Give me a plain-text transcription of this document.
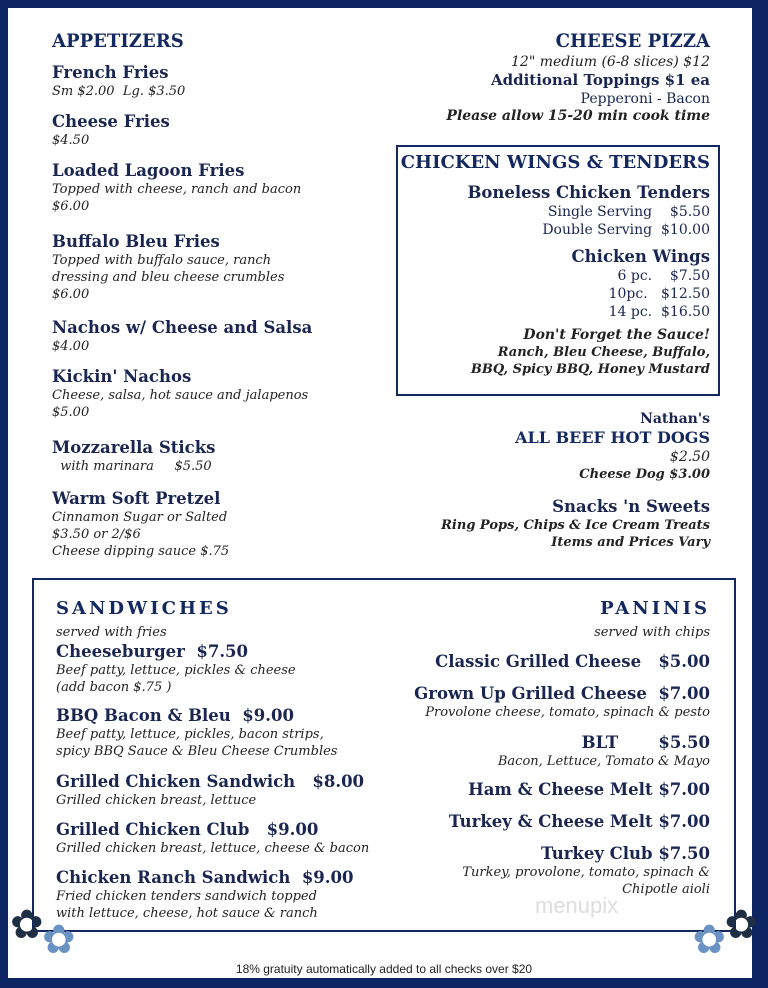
APPETIZERS
French Fries
Sm $2.00  Lg. $3.50
Cheese Fries
$4.50
Loaded Lagoon Fries
Topped with cheese, ranch and bacon
$6.00
Buffalo Bleu Fries
Topped with buffalo sauce, ranch
dressing and bleu cheese crumbles
$6.00
Nachos w/ Cheese and Salsa
$4.00
Kickin' Nachos
Cheese, salsa, hot sauce and jalapenos
$5.00
Mozzarella Sticks
with marinara     $5.50
Warm Soft Pretzel
Cinnamon Sugar or Salted
$3.50 or 2/$6
Cheese dipping sauce $.75
CHEESE PIZZA
12" medium (6-8 slices) $12
Additional Toppings $1 ea
Pepperoni - Bacon
Please allow 15-20 min cook time
CHICKEN WINGS & TENDERS
Boneless Chicken Tenders
Single Serving    $5.50
Double Serving  $10.00
Chicken Wings
6 pc.    $7.50
10pc.   $12.50
14 pc.  $16.50
Don't Forget the Sauce!
Ranch, Bleu Cheese, Buffalo,
BBQ, Spicy BBQ, Honey Mustard
Nathan's
ALL BEEF HOT DOGS
$2.50
Cheese Dog $3.00
Snacks 'n Sweets
Ring Pops, Chips & Ice Cream Treats
Items and Prices Vary
SANDWICHES
served with fries
Cheeseburger  $7.50
Beef patty, lettuce, pickles & cheese
(add bacon $.75 )
BBQ Bacon & Bleu  $9.00
Beef patty, lettuce, pickles, bacon strips,
spicy BBQ Sauce & Bleu Cheese Crumbles
Grilled Chicken Sandwich   $8.00
Grilled chicken breast, lettuce
Grilled Chicken Club   $9.00
Grilled chicken breast, lettuce, cheese & bacon
Chicken Ranch Sandwich  $9.00
Fried chicken tenders sandwich topped
with lettuce, cheese, hot sauce & ranch
PANINIS
served with chips
Classic Grilled Cheese   $5.00
Grown Up Grilled Cheese  $7.00
Provolone cheese, tomato, spinach & pesto
BLT       $5.50
Bacon, Lettuce, Tomato & Mayo
Ham & Cheese Melt $7.00
Turkey & Cheese Melt $7.00
Turkey Club $7.50
Turkey, provolone, tomato, spinach &
Chipotle aioli
menupix
✿
✿	✿
✿
18% gratuity automatically added to all checks over $20
